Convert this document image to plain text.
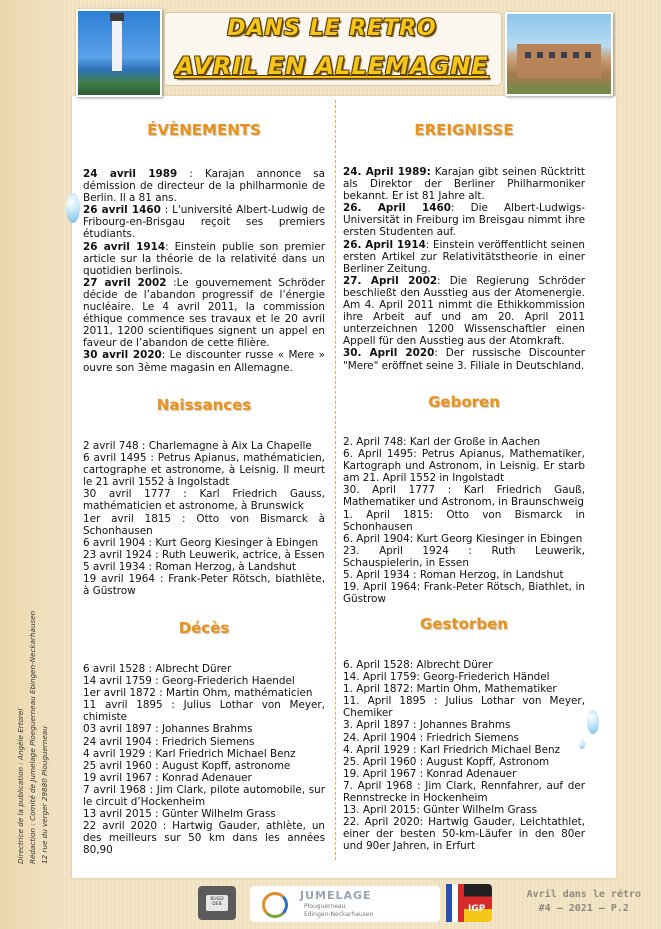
DANS LE RETRO
AVRIL EN ALLEMAGNE
ÉVÈNEMENTS

24 avril 1989 : Karajan annonce sa démission de directeur de la philharmonie de Berlin. Il a 81 ans.

26 avril 1460 : L'université Albert-Ludwig de Fribourg-en-Brisgau reçoit ses premiers étudiants.

26 avril 1914: Einstein publie son premier article sur la théorie de la relativité dans un quotidien berlinois.

27 avril 2002 :Le gouvernement Schröder décide de l’abandon progressif de l’énergie nucléaire. Le 4 avril 2011, la commission éthique commence ses travaux et le 20 avril 2011, 1200 scientifiques signent un appel en faveur de l’abandon de cette filière.

30 avril 2020: Le discounter russe « Mere » ouvre son 3ème magasin en Allemagne.

Naissances

2 avril 748 : Charlemagne à Aix La Chapelle

6 avril 1495 : Petrus Apianus, mathématicien, cartographe et astronome, à Leisnig. Il meurt le 21 avril 1552 à Ingolstadt

30 avril 1777 : Karl Friedrich Gauss, mathématicien et astronome, à Brunswick

1er avril 1815 : Otto von Bismarck à Schonhausen

6 avril 1904 : Kurt Georg Kiesinger à Ebingen

23 avril 1924 : Ruth Leuwerik, actrice, à Essen

5 avril 1934 : Roman Herzog, à Landshut

19 avril 1964 : Frank-Peter Rötsch, biathlète, à Güstrow

Décès

6 avril 1528 : Albrecht Dürer

14 avril 1759 : Georg-Friederich Haendel

1er avril 1872 : Martin Ohm, mathématicien

11 avril 1895 : Julius Lothar von Meyer, chimiste

03 avril 1897 : Johannes Brahms

24 avril 1904 : Friedrich Siemens

4 avril 1929 : Karl Friedrich Michael Benz

25 avril 1960 : August Kopff, astronome

19 avril 1967 : Konrad Adenauer

7 avril 1968 : Jim Clark, pilote automobile, sur le circuit d’Hockenheim

13 avril 2015 : Günter Wilhelm Grass

22 avril 2020 : Hartwig Gauder, athlète, un des meilleurs sur 50 km dans les années 80,90

EREIGNISSE

24. April 1989: Karajan gibt seinen Rücktritt als Direktor der Berliner Philharmoniker bekannt. Er ist 81 Jahre alt.

26. April 1460: Die Albert-Ludwigs-Universität in Freiburg im Breisgau nimmt ihre ersten Studenten auf.

26. April 1914: Einstein veröffentlicht seinen ersten Artikel zur Relativitätstheorie in einer Berliner Zeitung.

27. April 2002: Die Regierung Schröder beschließt den Ausstieg aus der Atomenergie. Am 4. April 2011 nimmt die Ethikkommission ihre Arbeit auf und am 20. April 2011 unterzeichnen 1200 Wissenschaftler einen Appell für den Ausstieg aus der Atomkraft.

30. April 2020: Der russische Discounter "Mere" eröffnet seine 3. Filiale in Deutschland.

Geboren

2. April 748: Karl der Große in Aachen

6. April 1495: Petrus Apianus, Mathematiker, Kartograph und Astronom, in Leisnig. Er starb am 21. April 1552 in Ingolstadt

30. April 1777 : Karl Friedrich Gauß, Mathematiker und Astronom, in Braunschweig

1. April 1815: Otto von Bismarck in Schonhausen

6. April 1904: Kurt Georg Kiesinger in Ebingen

23. April 1924 : Ruth Leuwerik, Schauspielerin, in Essen

5. April 1934 : Roman Herzog, in Landshut

19. April 1964: Frank-Peter Rötsch, Biathlet, in Güstrow

Gestorben

6. April 1528: Albrecht Dürer

14. April 1759: Georg-Friederich Händel

1. April 1872: Martin Ohm, Mathematiker

11. April 1895 : Julius Lothar von Meyer, Chemiker

3. April 1897 : Johannes Brahms

24. April 1904 : Friedrich Siemens

4. April 1929 : Karl Friedrich Michael Benz

25. April 1960 : August Kopff, Astronom

19. April 1967 : Konrad Adenauer

7. April 1968 : Jim Clark, Rennfahrer, auf der Rennstrecke in Hockenheim

13. April 2015: Günter Wilhelm Grass

22. April 2020: Hartwig Gauder, Leichtathlet, einer der besten 50-km-Läufer in den 80er und 90er Jahren, in Erfurt

Directrice de la publication : Angèle Ertorel Rédaction : Comité de Jumelage Ploeguerneau Ebingen-Neckarhausen 12 rue du verger 29880 Plouguerneau
BUGD DEB
JUMELAGE
Plouguerneau
Edingen-Neckarhausen
IGP
Avril dans le rétro
#4 – 2021 – P.2
